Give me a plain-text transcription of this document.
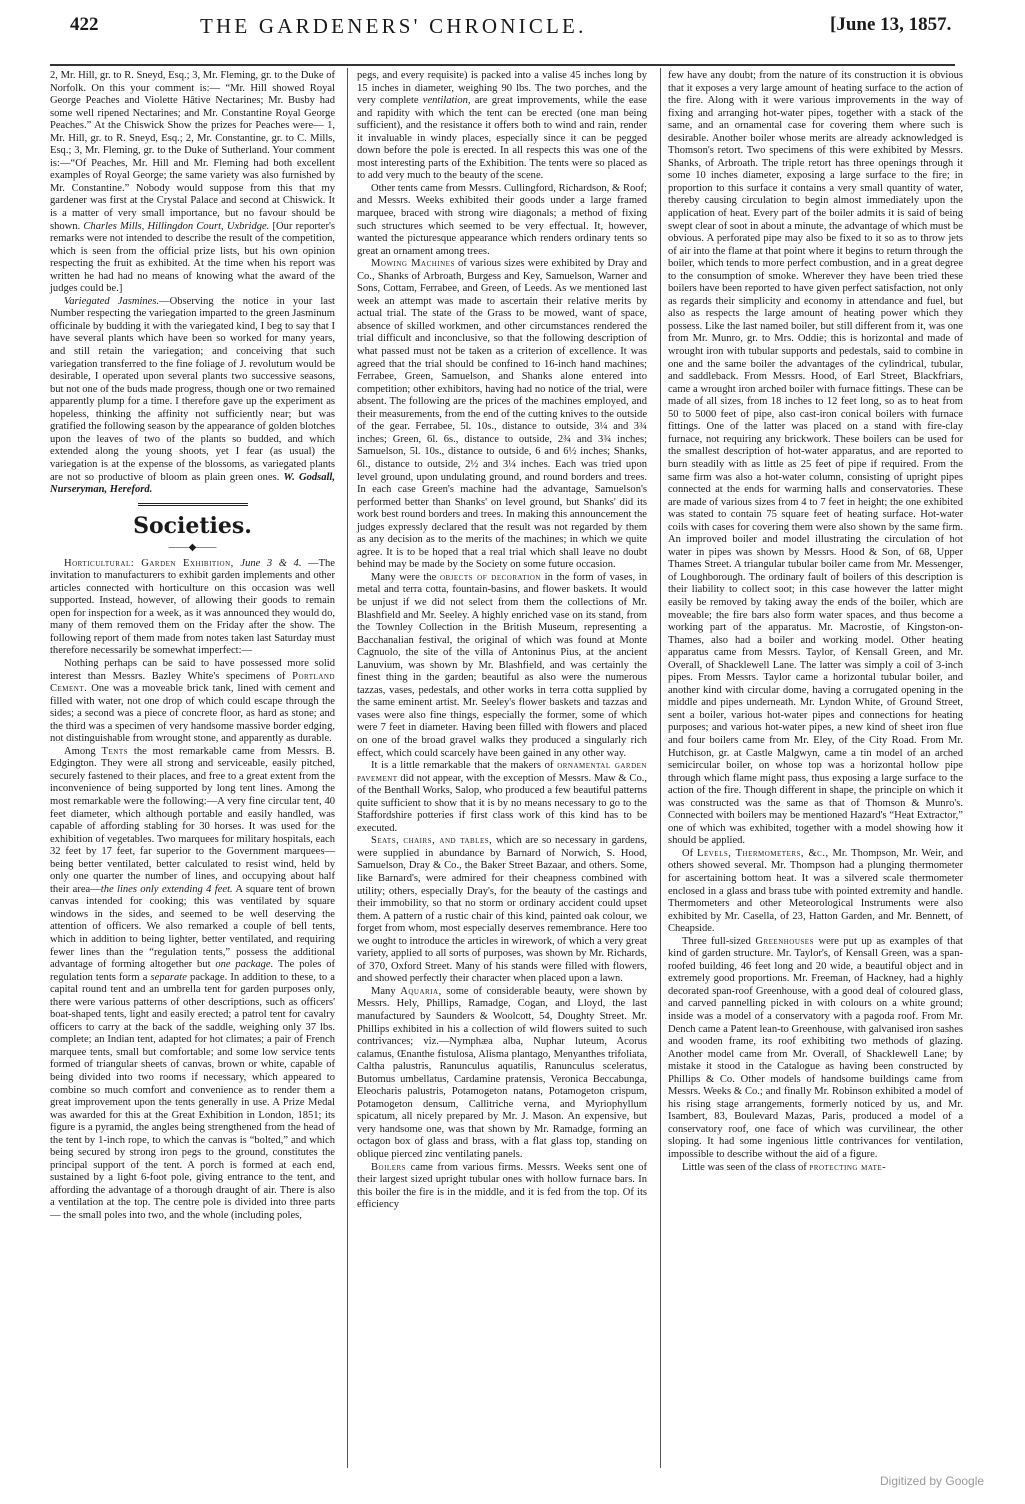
422	THE GARDENERS' CHRONICLE.	[June 13, 1857.

2, Mr. Hill, gr. to R. Sneyd, Esq.; 3, Mr. Fleming, gr. to the Duke of Norfolk. On this your comment is:— “Mr. Hill showed Royal George Peaches and Violette Hâtive Nectarines; Mr. Busby had some well ripened Nectarines; and Mr. Constantine Royal George Peaches.” At the Chiswick Show the prizes for Peaches were— 1, Mr. Hill, gr. to R. Sneyd, Esq.; 2, Mr. Constantine, gr. to C. Mills, Esq.; 3, Mr. Fleming, gr. to the Duke of Sutherland. Your comment is:—“Of Peaches, Mr. Hill and Mr. Fleming had both excellent examples of Royal George; the same variety was also furnished by Mr. Constantine.” Nobody would suppose from this that my gardener was first at the Crystal Palace and second at Chiswick. It is a matter of very small importance, but no favour should be shown. Charles Mills, Hillingdon Court, Uxbridge. [Our reporter's remarks were not intended to describe the result of the competition, which is seen from the official prize lists, but his own opinion respecting the fruit as exhibited. At the time when his report was written he had had no means of knowing what the award of the judges could be.]

Variegated Jasmines.—Observing the notice in your last Number respecting the variegation imparted to the green Jasminum officinale by budding it with the variegated kind, I beg to say that I have several plants which have been so worked for many years, and still retain the variegation; and conceiving that such variegation transferred to the fine foliage of J. revolutum would be desirable, I operated upon several plants two successive seasons, but not one of the buds made progress, though one or two remained apparently plump for a time. I therefore gave up the experiment as hopeless, thinking the affinity not sufficiently near; but was gratified the following season by the appearance of golden blotches upon the leaves of two of the plants so budded, and which extended along the young shoots, yet I fear (as usual) the variegation is at the expense of the blossoms, as variegated plants are not so productive of bloom as plain green ones. W. Godsall, Nurseryman, Hereford.

Societies.
——◆——

Horticultural: Garden Exhibition, June 3 & 4. —The invitation to manufacturers to exhibit garden implements and other articles connected with horticulture on this occasion was well supported. Instead, however, of allowing their goods to remain open for inspection for a week, as it was announced they would do, many of them removed them on the Friday after the show. The following report of them made from notes taken last Saturday must therefore necessarily be somewhat imperfect:—

Nothing perhaps can be said to have possessed more solid interest than Messrs. Bazley White's specimens of Portland Cement. One was a moveable brick tank, lined with cement and filled with water, not one drop of which could escape through the sides; a second was a piece of concrete floor, as hard as stone; and the third was a specimen of very handsome massive border edging, not distinguishable from wrought stone, and apparently as durable.

Among Tents the most remarkable came from Messrs. B. Edgington. They were all strong and serviceable, easily pitched, securely fastened to their places, and free to a great extent from the inconvenience of being supported by long tent lines. Among the most remarkable were the following:—A very fine circular tent, 40 feet diameter, which although portable and easily handled, was capable of affording stabling for 30 horses. It was used for the exhibition of vegetables. Two marquees for military hospitals, each 32 feet by 17 feet, far superior to the Government marquees— being better ventilated, better calculated to resist wind, held by only one quarter the number of lines, and occupying about half their area—the lines only extending 4 feet. A square tent of brown canvas intended for cooking; this was ventilated by square windows in the sides, and seemed to be well deserving the attention of officers. We also remarked a couple of bell tents, which in addition to being lighter, better ventilated, and requiring fewer lines than the “regulation tents,” possess the additional advantage of forming altogether but one package. The poles of regulation tents form a separate package. In addition to these, to a capital round tent and an umbrella tent for garden purposes only, there were various patterns of other descriptions, such as officers' boat-shaped tents, light and easily erected; a patrol tent for cavalry officers to carry at the back of the saddle, weighing only 37 lbs. complete; an Indian tent, adapted for hot climates; a pair of French marquee tents, small but comfortable; and some low service tents formed of triangular sheets of canvas, brown or white, capable of being divided into two rooms if necessary, which appeared to combine so much comfort and convenience as to render them a great improvement upon the tents generally in use. A Prize Medal was awarded for this at the Great Exhibition in London, 1851; its figure is a pyramid, the angles being strengthened from the head of the tent by 1-inch rope, to which the canvas is “bolted,” and which being secured by strong iron pegs to the ground, constitutes the principal support of the tent. A porch is formed at each end, sustained by a light 6-foot pole, giving entrance to the tent, and affording the advantage of a thorough draught of air. There is also a ventilation at the top. The centre pole is divided into three parts— the small poles into two, and the whole (including poles,

pegs, and every requisite) is packed into a valise 45 inches long by 15 inches in diameter, weighing 90 lbs. The two porches, and the very complete ventilation, are great improvements, while the ease and rapidity with which the tent can be erected (one man being sufficient), and the resistance it offers both to wind and rain, render it invaluable in windy places, especially since it can be pegged down before the pole is erected. In all respects this was one of the most interesting parts of the Exhibition. The tents were so placed as to add very much to the beauty of the scene.

Other tents came from Messrs. Cullingford, Richardson, & Roof; and Messrs. Weeks exhibited their goods under a large framed marquee, braced with strong wire diagonals; a method of fixing such structures which seemed to be very effectual. It, however, wanted the picturesque appearance which renders ordinary tents so great an ornament among trees.

Mowing Machines of various sizes were exhibited by Dray and Co., Shanks of Arbroath, Burgess and Key, Samuelson, Warner and Sons, Cottam, Ferrabee, and Green, of Leeds. As we mentioned last week an attempt was made to ascertain their relative merits by actual trial. The state of the Grass to be mowed, want of space, absence of skilled workmen, and other circumstances rendered the trial difficult and inconclusive, so that the following description of what passed must not be taken as a criterion of excellence. It was agreed that the trial should be confined to 16-inch hand machines; Ferrabee, Green, Samuelson, and Shanks alone entered into competition; other exhibitors, having had no notice of the trial, were absent. The following are the prices of the machines employed, and their measurements, from the end of the cutting knives to the outside of the gear. Ferrabee, 5l. 10s., distance to outside, 3¼ and 3¾ inches; Green, 6l. 6s., distance to outside, 2¾ and 3¾ inches; Samuelson, 5l. 10s., distance to outside, 6 and 6½ inches; Shanks, 6l., distance to outside, 2½ and 3¼ inches. Each was tried upon level ground, upon undulating ground, and round borders and trees. In each case Green's machine had the advantage, Samuelson's performed better than Shanks' on level ground, but Shanks' did its work best round borders and trees. In making this announcement the judges expressly declared that the result was not regarded by them as any decision as to the merits of the machines; in which we quite agree. It is to be hoped that a real trial which shall leave no doubt behind may be made by the Society on some future occasion.

Many were the objects of decoration in the form of vases, in metal and terra cotta, fountain-basins, and flower baskets. It would be unjust if we did not select from them the collections of Mr. Blashfield and Mr. Seeley. A highly enriched vase on its stand, from the Townley Collection in the British Museum, representing a Bacchanalian festival, the original of which was found at Monte Cagnuolo, the site of the villa of Antoninus Pius, at the ancient Lanuvium, was shown by Mr. Blashfield, and was certainly the finest thing in the garden; beautiful as also were the numerous tazzas, vases, pedestals, and other works in terra cotta supplied by the same eminent artist. Mr. Seeley's flower baskets and tazzas and vases were also fine things, especially the former, some of which were 7 feet in diameter. Having been filled with flowers and placed on one of the broad gravel walks they produced a singularly rich effect, which could scarcely have been gained in any other way.

It is a little remarkable that the makers of ornamental garden pavement did not appear, with the exception of Messrs. Maw & Co., of the Benthall Works, Salop, who produced a few beautiful patterns quite sufficient to show that it is by no means necessary to go to the Staffordshire potteries if first class work of this kind has to be executed.

Seats, chairs, and tables, which are so necessary in gardens, were supplied in abundance by Barnard of Norwich, S. Hood, Samuelson, Dray & Co., the Baker Street Bazaar, and others. Some, like Barnard's, were admired for their cheapness combined with utility; others, especially Dray's, for the beauty of the castings and their immobility, so that no storm or ordinary accident could upset them. A pattern of a rustic chair of this kind, painted oak colour, we forget from whom, most especially deserves remembrance. Here too we ought to introduce the articles in wirework, of which a very great variety, applied to all sorts of purposes, was shown by Mr. Richards, of 370, Oxford Street. Many of his stands were filled with flowers, and showed perfectly their character when placed upon a lawn.

Many Aquaria, some of considerable beauty, were shown by Messrs. Hely, Phillips, Ramadge, Cogan, and Lloyd, the last manufactured by Saunders & Woolcott, 54, Doughty Street. Mr. Phillips exhibited in his a collection of wild flowers suited to such contrivances; viz.—Nymphæa alba, Nuphar luteum, Acorus calamus, Œnanthe fistulosa, Alisma plantago, Menyanthes trifoliata, Caltha palustris, Ranunculus aquatilis, Ranunculus sceleratus, Butomus umbellatus, Cardamine pratensis, Veronica Beccabunga, Eleocharis palustris, Potamogeton natans, Potamogeton crispum, Potamogeton densum, Callitriche verna, and Myriophyllum spicatum, all nicely prepared by Mr. J. Mason. An expensive, but very handsome one, was that shown by Mr. Ramadge, forming an octagon box of glass and brass, with a flat glass top, standing on oblique pierced zinc ventilating panels.

Boilers came from various firms. Messrs. Weeks sent one of their largest sized upright tubular ones with hollow furnace bars. In this boiler the fire is in the middle, and it is fed from the top. Of its efficiency

few have any doubt; from the nature of its construction it is obvious that it exposes a very large amount of heating surface to the action of the fire. Along with it were various improvements in the way of fixing and arranging hot-water pipes, together with a stack of the same, and an ornamental case for covering them where such is desirable. Another boiler whose merits are already acknowledged is Thomson's retort. Two specimens of this were exhibited by Messrs. Shanks, of Arbroath. The triple retort has three openings through it some 10 inches diameter, exposing a large surface to the fire; in proportion to this surface it contains a very small quantity of water, thereby causing circulation to begin almost immediately upon the application of heat. Every part of the boiler admits it is said of being swept clear of soot in about a minute, the advantage of which must be obvious. A perforated pipe may also be fixed to it so as to throw jets of air into the flame at that point where it begins to return through the boiler, which tends to more perfect combustion, and in a great degree to the consumption of smoke. Wherever they have been tried these boilers have been reported to have given perfect satisfaction, not only as regards their simplicity and economy in attendance and fuel, but also as respects the large amount of heating power which they possess. Like the last named boiler, but still different from it, was one from Mr. Munro, gr. to Mrs. Oddie; this is horizontal and made of wrought iron with tubular supports and pedestals, said to combine in one and the same boiler the advantages of the cylindrical, tubular, and saddleback. From Messrs. Hood, of Earl Street, Blackfriars, came a wrought iron arched boiler with furnace fittings. These can be made of all sizes, from 18 inches to 12 feet long, so as to heat from 50 to 5000 feet of pipe, also cast-iron conical boilers with furnace fittings. One of the latter was placed on a stand with fire-clay furnace, not requiring any brickwork. These boilers can be used for the smallest description of hot-water apparatus, and are reported to burn steadily with as little as 25 feet of pipe if required. From the same firm was also a hot-water column, consisting of upright pipes connected at the ends for warming halls and conservatories. These are made of various sizes from 4 to 7 feet in height; the one exhibited was stated to contain 75 square feet of heating surface. Hot-water coils with cases for covering them were also shown by the same firm. An improved boiler and model illustrating the circulation of hot water in pipes was shown by Messrs. Hood & Son, of 68, Upper Thames Street. A triangular tubular boiler came from Mr. Messenger, of Loughborough. The ordinary fault of boilers of this description is their liability to collect soot; in this case however the latter might easily be removed by taking away the ends of the boiler, which are moveable; the fire bars also form water spaces, and thus become a working part of the apparatus. Mr. Macrostie, of Kingston-on-Thames, also had a boiler and working model. Other heating apparatus came from Messrs. Taylor, of Kensall Green, and Mr. Overall, of Shacklewell Lane. The latter was simply a coil of 3-inch pipes. From Messrs. Taylor came a horizontal tubular boiler, and another kind with circular dome, having a corrugated opening in the middle and pipes underneath. Mr. Lyndon White, of Ground Street, sent a boiler, various hot-water pipes and connections for heating purposes; and various hot-water pipes, a new kind of sheet iron flue and four boilers came from Mr. Eley, of the City Road. From Mr. Hutchison, gr. at Castle Malgwyn, came a tin model of an arched semicircular boiler, on whose top was a horizontal hollow pipe through which flame might pass, thus exposing a large surface to the action of the fire. Though different in shape, the principle on which it was constructed was the same as that of Thomson & Munro's. Connected with boilers may be mentioned Hazard's “Heat Extractor,” one of which was exhibited, together with a model showing how it should be applied.

Of Levels, Thermometers, &c., Mr. Thompson, Mr. Weir, and others showed several. Mr. Thompson had a plunging thermometer for ascertaining bottom heat. It was a silvered scale thermometer enclosed in a glass and brass tube with pointed extremity and handle. Thermometers and other Meteorological Instruments were also exhibited by Mr. Casella, of 23, Hatton Garden, and Mr. Bennett, of Cheapside.

Three full-sized Greenhouses were put up as examples of that kind of garden structure. Mr. Taylor's, of Kensall Green, was a span-roofed building, 46 feet long and 20 wide, a beautiful object and in extremely good proportions. Mr. Freeman, of Hackney, had a highly decorated span-roof Greenhouse, with a good deal of coloured glass, and carved pannelling picked in with colours on a white ground; inside was a model of a conservatory with a pagoda roof. From Mr. Dench came a Patent lean-to Greenhouse, with galvanised iron sashes and wooden frame, its roof exhibiting two methods of glazing. Another model came from Mr. Overall, of Shacklewell Lane; by mistake it stood in the Catalogue as having been constructed by Phillips & Co. Other models of handsome buildings came from Messrs. Weeks & Co.; and finally Mr. Robinson exhibited a model of his rising stage arrangements, formerly noticed by us, and Mr. Isambert, 83, Boulevard Mazas, Paris, produced a model of a conservatory roof, one face of which was curvilinear, the other sloping. It had some ingenious little contrivances for ventilation, impossible to describe without the aid of a figure.

Little was seen of the class of protecting mate-

Digitized by Google
